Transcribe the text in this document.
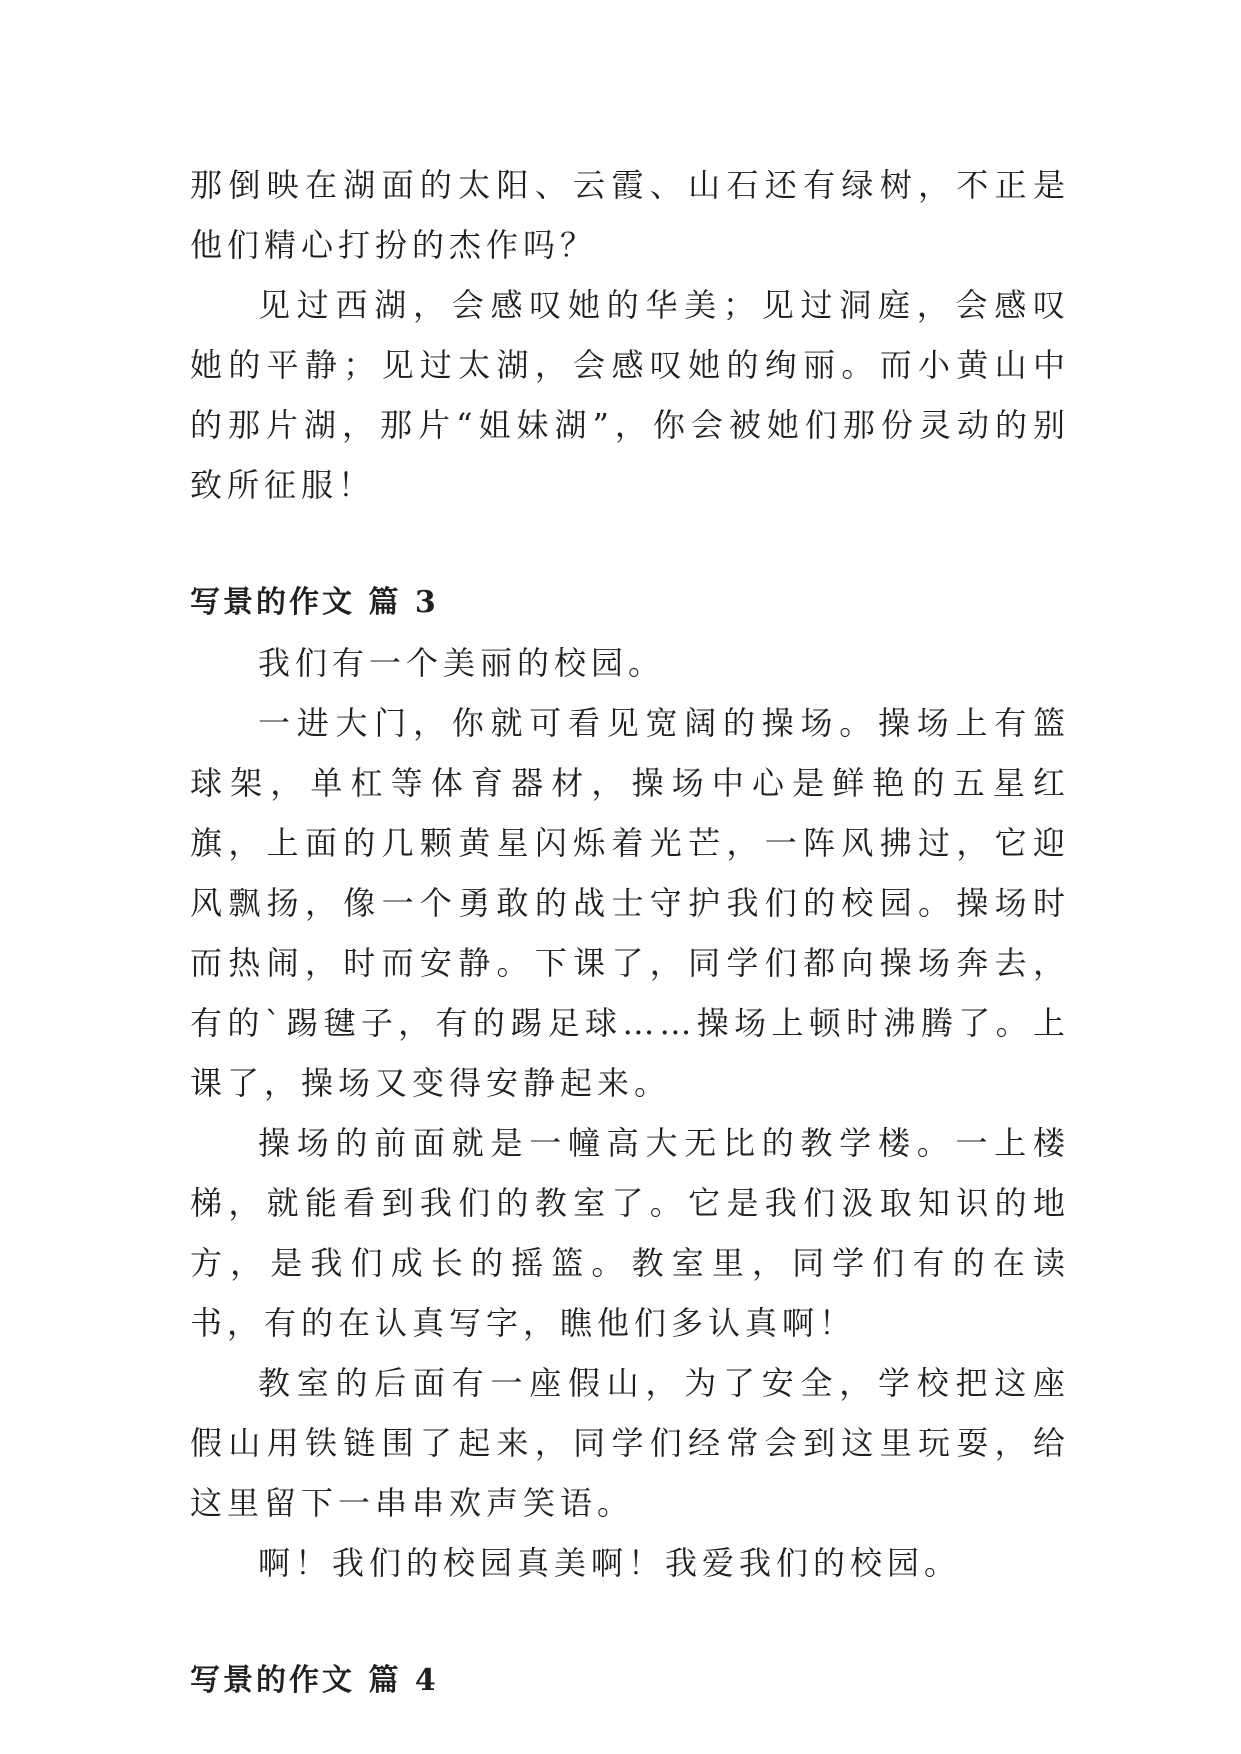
那倒映在湖面的太阳、云霞、山石还有绿树，不正是他们精心打扮的杰作吗？

见过西湖，会感叹她的华美；见过洞庭，会感叹她的平静；见过太湖，会感叹她的绚丽。而小黄山中的那片湖，那片“姐妹湖”，你会被她们那份灵动的别致所征服！

写景的作文 篇 3

我们有一个美丽的校园。

一进大门，你就可看见宽阔的操场。操场上有篮球架，单杠等体育器材，操场中心是鲜艳的五星红旗，上面的几颗黄星闪烁着光芒，一阵风拂过，它迎风飘扬，像一个勇敢的战士守护我们的校园。操场时而热闹，时而安静。下课了，同学们都向操场奔去，有的`踢毽子，有的踢足球……操场上顿时沸腾了。上课了，操场又变得安静起来。

操场的前面就是一幢高大无比的教学楼。一上楼梯，就能看到我们的教室了。它是我们汲取知识的地方，是我们成长的摇篮。教室里，同学们有的在读书，有的在认真写字，瞧他们多认真啊！

教室的后面有一座假山，为了安全，学校把这座假山用铁链围了起来，同学们经常会到这里玩耍，给这里留下一串串欢声笑语。

啊！我们的校园真美啊！我爱我们的校园。

写景的作文 篇 4
